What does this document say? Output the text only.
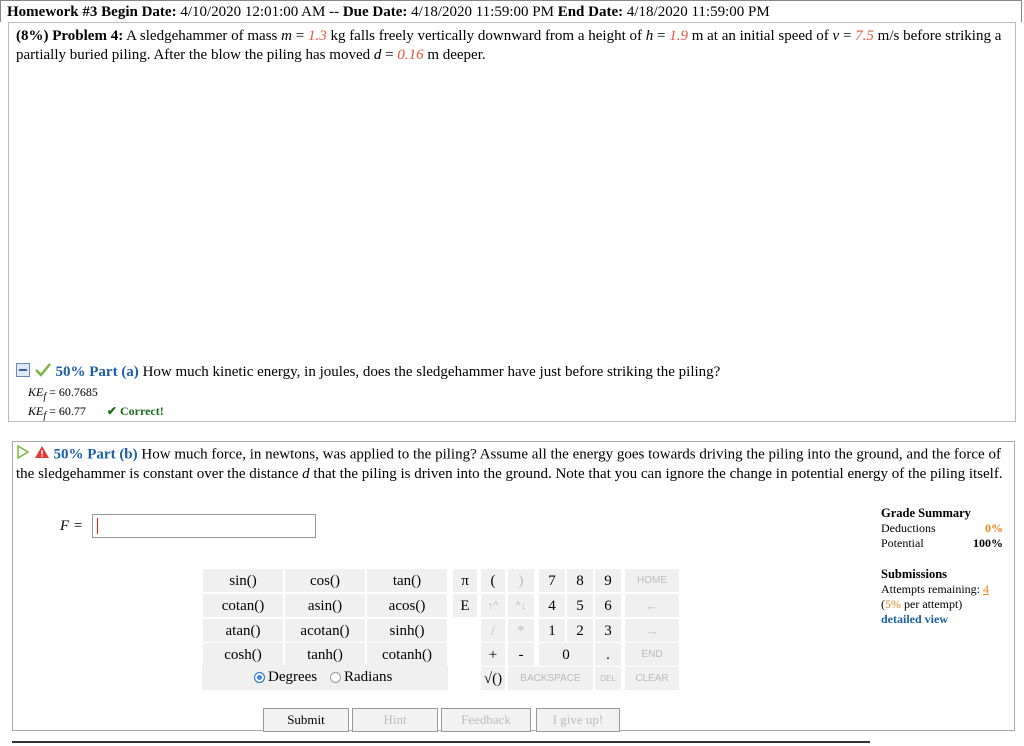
Homework #3 Begin Date: 4/10/2020 12:01:00 AM -- Due Date: 4/18/2020 11:59:00 PM End Date: 4/18/2020 11:59:00 PM
(8%) Problem 4: A sledgehammer of mass m = 1.3 kg falls freely vertically downward from a height of h = 1.9 m at an initial speed of v = 7.5 m/s before striking a partially buried piling. After the blow the piling has moved d = 0.16 m deeper.
50% Part (a) How much kinetic energy, in joules, does the sledgehammer have just before striking the piling?
$KE_f = 60.7685$
$KE_f = 60.77$ ✔ Correct!
50% Part (b) How much force, in newtons, was applied to the piling? Assume all the energy goes towards driving the piling into the ground, and the force of the sledgehammer is constant over the distance d that the piling is driven into the ground. Note that you can ignore the change in potential energy of the piling itself.
F =
sin()	cos()	tan()
cotan()	asin()	acos()
atan()	acotan()	sinh()
cosh()	tanh()	cotanh()
Degrees	Radians
π	(	)	7	8	9	HOME
E	↑^	^↓	4	5	6	←
/	*	1	2	3	→
+	-	0	.	END
√()	BACKSPACE	DEL	CLEAR
Grade Summary
Deductions	0%
Potential	100%
Submissions
Attempts remaining: 4
(5% per attempt)
detailed view
Submit	Hint	Feedback	I give up!
